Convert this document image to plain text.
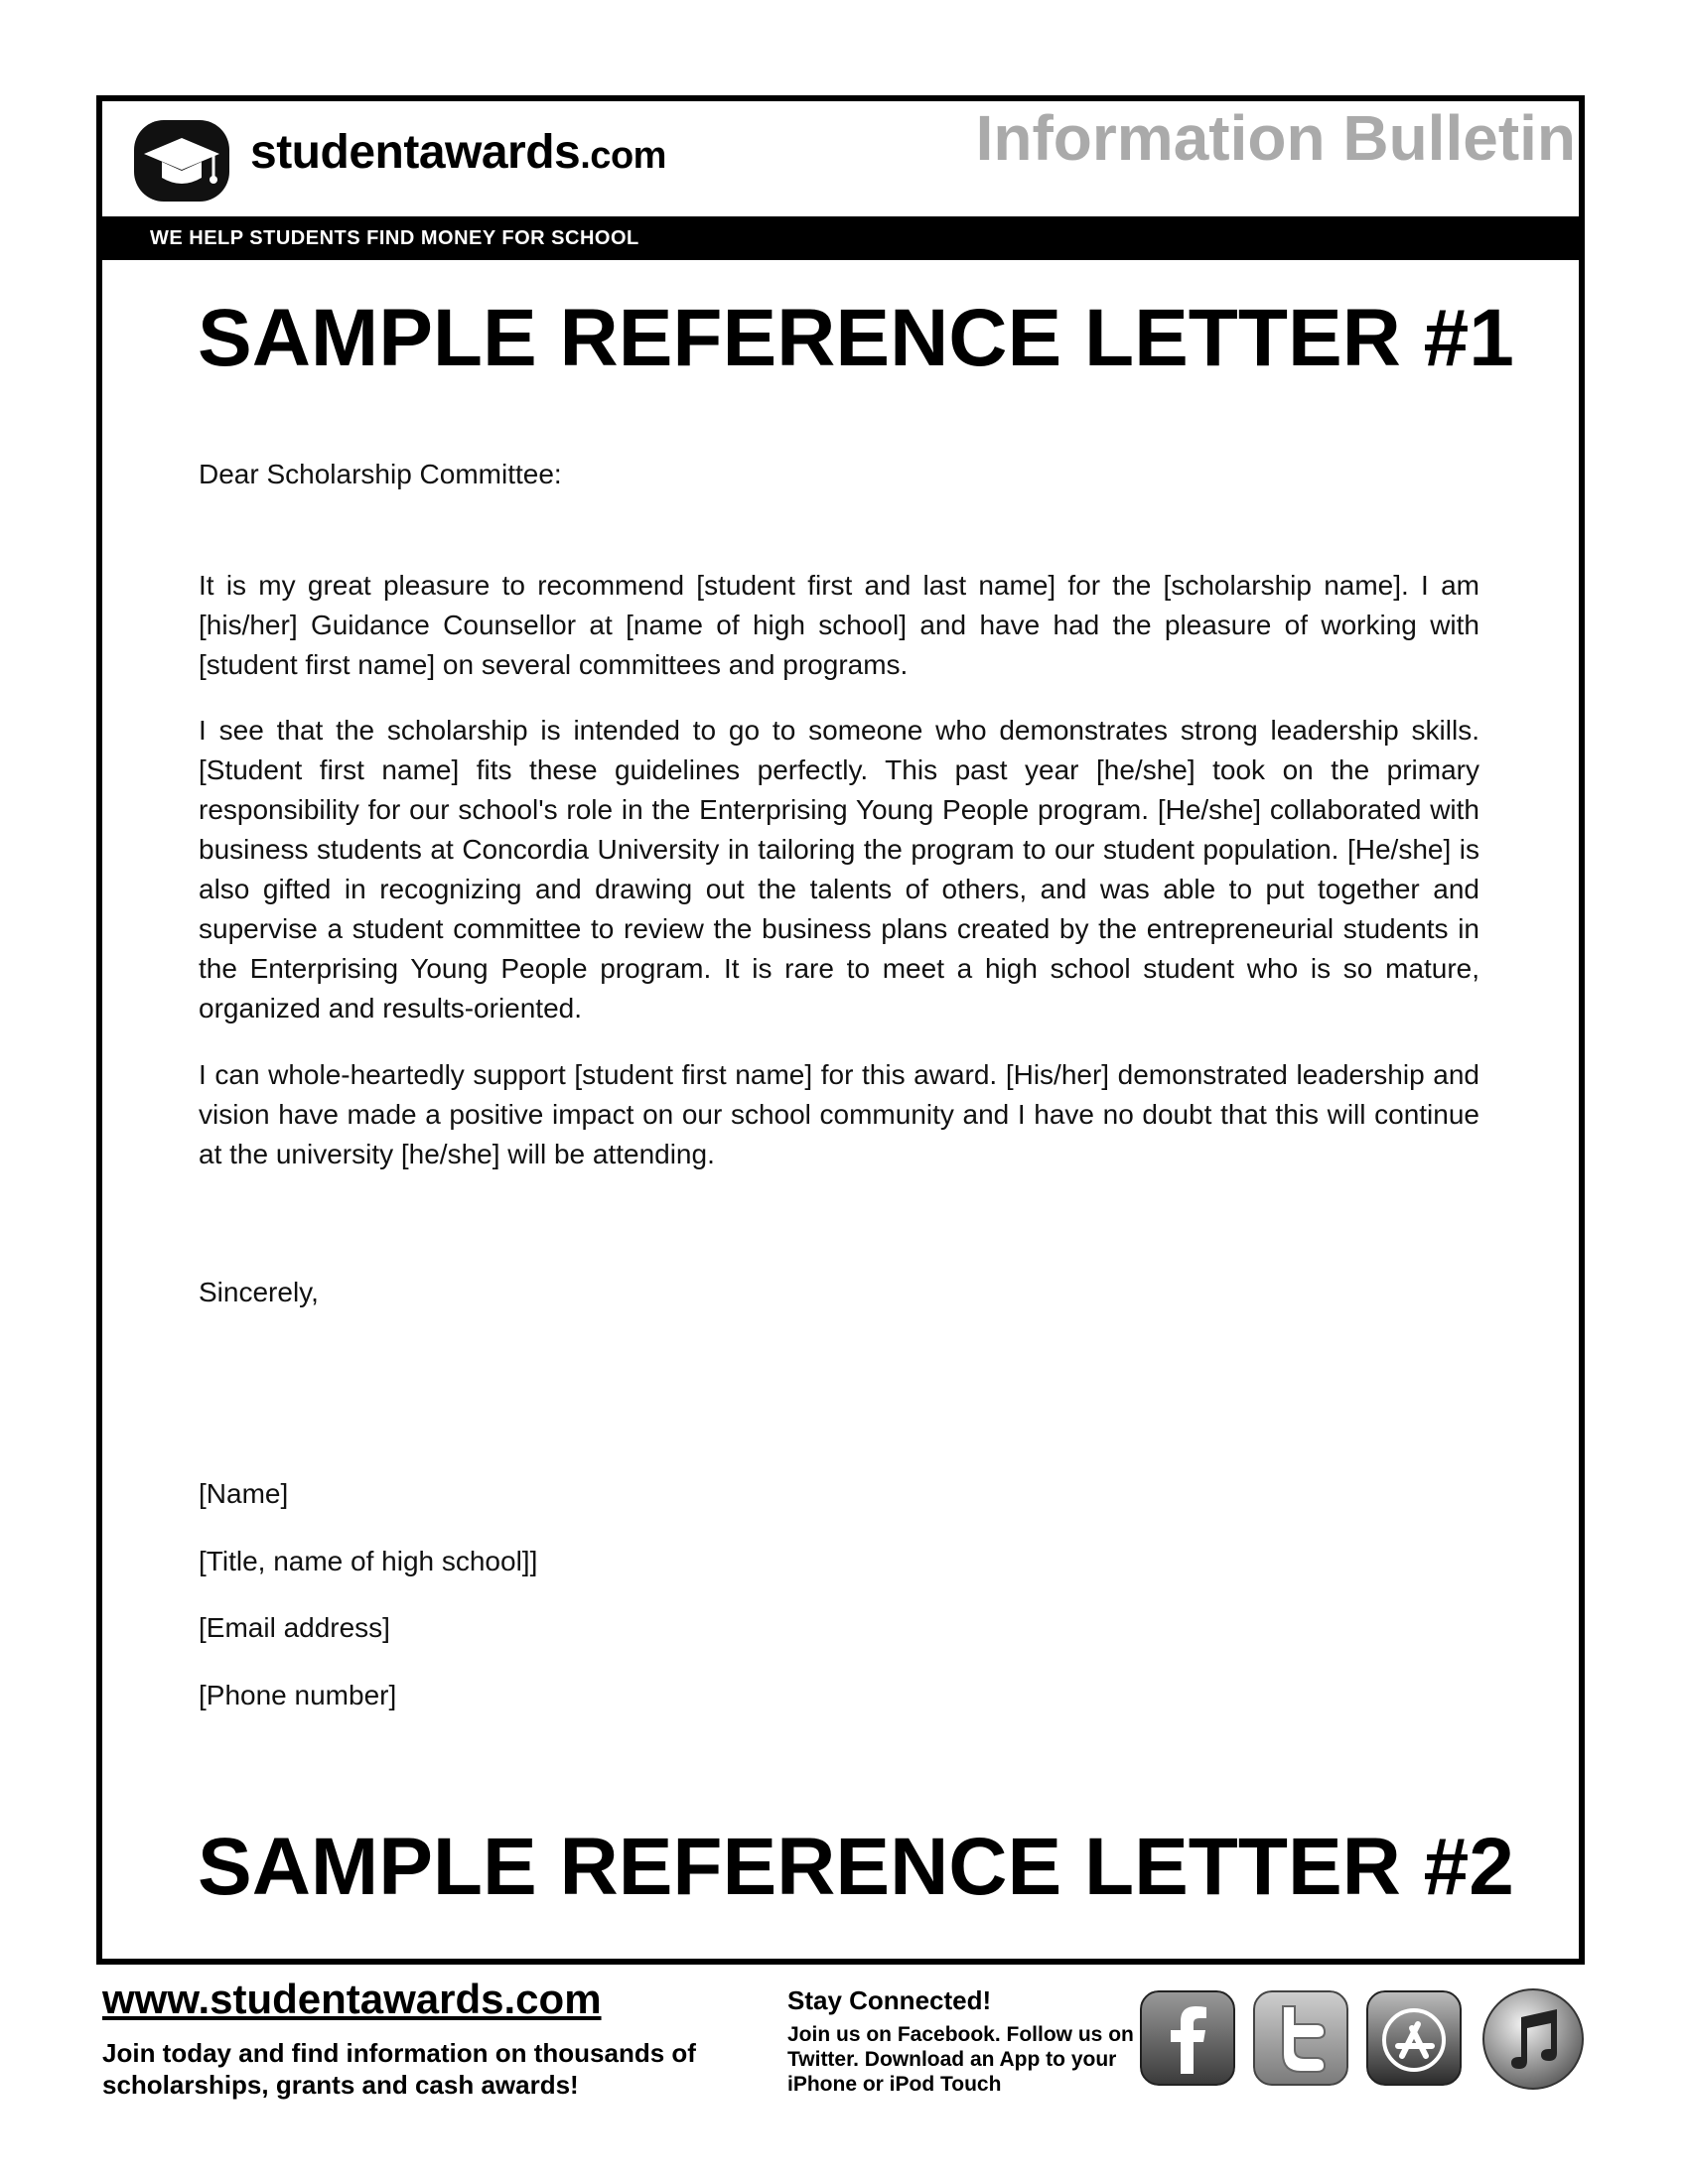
studentawards.com	Information Bulletin
WE HELP STUDENTS FIND MONEY FOR SCHOOL
SAMPLE REFERENCE LETTER #1
Dear Scholarship Committee:

It is my great pleasure to recommend [student first and last name] for the [scholarship name]. I am [his/her] Guidance Counsellor at [name of high school] and have had the pleasure of working with [student first name] on several committees and programs.

I see that the scholarship is intended to go to someone who demonstrates strong leadership skills. [Student first name] fits these guidelines perfectly. This past year [he/she] took on the primary responsibility for our school's role in the Enterprising Young People program. [He/she] collaborated with business students at Concordia University in tailoring the program to our student population. [He/she] is also gifted in recognizing and drawing out the talents of others, and was able to put together and supervise a student committee to review the business plans created by the entrepreneurial students in the Enterprising Young People program. It is rare to meet a high school student who is so mature, organized and results-oriented.

I can whole-heartedly support [student first name] for this award. [His/her] demonstrated leadership and vision have made a positive impact on our school community and I have no doubt that this will continue at the university [he/she] will be attending.

Sincerely,
[Name]
[Title, name of high school]]
[Email address]
[Phone number]
SAMPLE REFERENCE LETTER #2
www.studentawards.com
Join today and find information on thousands of scholarships, grants and cash awards!
Stay Connected!
Join us on Facebook. Follow us on Twitter. Download an App to your iPhone or iPod Touch
